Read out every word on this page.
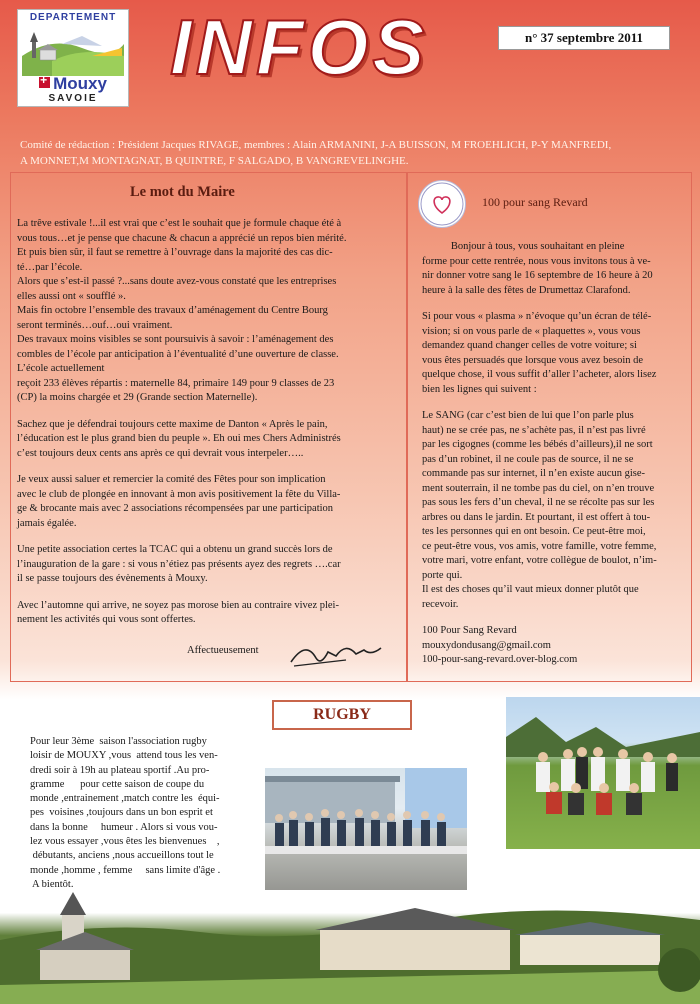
DEPARTEMENT
+Mouxy
SAVOIE
INFOS	n° 37 septembre 2011
Comité de rédaction : Président Jacques RIVAGE, membres : Alain ARMANINI, J-A BUISSON, M FROEHLICH, P-Y MANFREDI,
A MONNET,M MONTAGNAT, B QUINTRE, F SALGADO, B VANGREVELINGHE.
Le mot du Maire
La trêve estivale !...il est vrai que c’est le souhait que je formule chaque été à
vous tous…et je pense que chacune & chacun a apprécié un repos bien mérité.
Et puis bien sûr, il faut se remettre à l’ouvrage dans la majorité des cas dic-
té…par l’école.
Alors que s’est-il passé ?...sans doute avez-vous constaté que les entreprises
elles aussi ont « soufflé ».
Mais fin octobre l’ensemble des travaux d’aménagement du Centre Bourg
seront terminés…ouf…oui vraiment.
Des travaux moins visibles se sont poursuivis à savoir : l’aménagement des
combles de l’école par anticipation à l’éventualité d’une ouverture de classe.
L’école actuellement
reçoit 233 élèves répartis : maternelle 84, primaire 149 pour 9 classes de 23
(CP) la moins chargée et 29 (Grande section Maternelle).
Sachez que je défendrai toujours cette maxime de Danton « Après le pain,
l’éducation est le plus grand bien du peuple ». Eh oui mes Chers Administrés
c’est toujours deux cents ans après ce qui devrait vous interpeler…..
Je veux aussi saluer et remercier la comité des Fêtes pour son implication
avec le club de plongée en innovant à mon avis positivement la fête du Villa-
ge & brocante mais avec 2 associations récompensées par une participation
jamais égalée.
Une petite association certes la TCAC qui a obtenu un grand succès lors de
l’inauguration de la gare : si vous n’étiez pas présents ayez des regrets ….car
il se passe toujours des évènements à Mouxy.
Avec l’automne qui arrive, ne soyez pas morose bien au contraire vivez plei-
nement les activités qui vous sont offertes.
Affectueusement
100 pour sang Revard
Bonjour à tous, vous souhaitant en pleine
forme pour cette rentrée, nous vous invitons tous à ve-
nir donner votre sang le 16 septembre de 16 heure à 20
heure à la salle des fêtes de Drumettaz Clarafond.
Si pour vous « plasma » n’évoque qu’un écran de télé-
vision; si on vous parle de « plaquettes », vous vous
demandez quand changer celles de votre voiture; si
vous êtes persuadés que lorsque vous avez besoin de
quelque chose, il vous suffit d’aller l’acheter, alors lisez
bien les lignes qui suivent :
Le SANG (car c’est bien de lui que l’on parle plus
haut) ne se crée pas, ne s’achète pas, il n’est pas livré
par les cigognes (comme les bébés d’ailleurs),il ne sort
pas d’un robinet, il ne coule pas de source, il ne se
commande pas sur internet, il n’en existe aucun gise-
ment souterrain, il ne tombe pas du ciel, on n’en trouve
pas sous les fers d’un cheval, il ne se récolte pas sur les
arbres ou dans le jardin. Et pourtant, il est offert à tou-
tes les personnes qui en ont besoin. Ce peut-être moi,
ce peut-être vous, vos amis, votre famille, votre femme,
votre mari, votre enfant, votre collègue de boulot, n’im-
porte qui.
Il est des choses qu’il vaut mieux donner plutôt que
recevoir.
100 Pour Sang Revard
mouxydondusang@gmail.com
100-pour-sang-revard.over-blog.com
RUGBY
Pour leur 3ème  saison l'association rugby
loisir de MOUXY ,vous  attend tous les ven-
dredi soir à 19h au plateau sportif .Au pro-
gramme      pour cette saison de coupe du
monde ,entrainement ,match contre les  équi-
pes  voisines ,toujours dans un bon esprit et
dans la bonne     humeur . Alors si vous vou-
lez vous essayer ,vous êtes les bienvenues    ,
débutants, anciens ,nous accueillons tout le
monde ,homme , femme     sans limite d'âge .
A bientôt.
